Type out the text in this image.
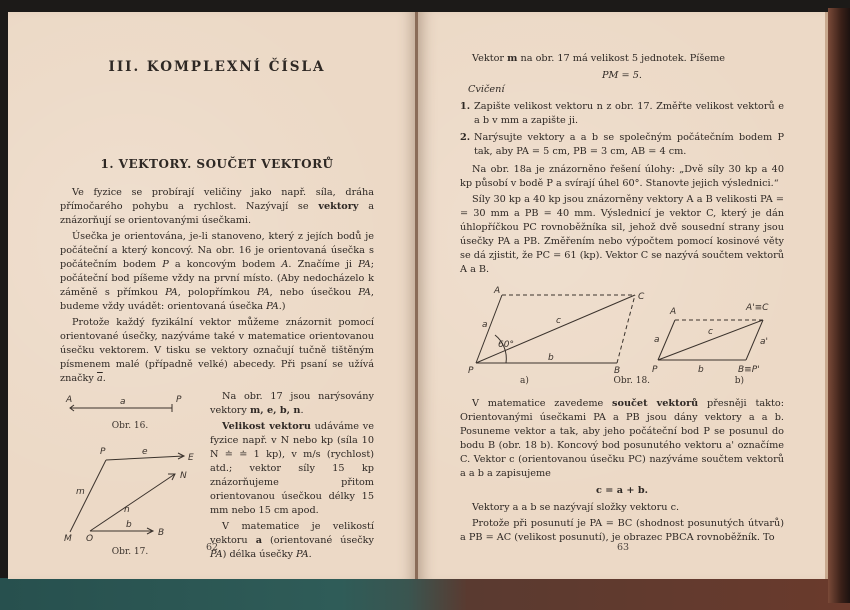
III. KOMPLEXNÍ ČÍSLA
1. VEKTORY. SOUČET VEKTORŮ

Ve fyzice se probírají veličiny jako např. síla, dráha přímočarého pohybu a rychlost. Nazývají se vektory a znázorňují se orientovanými úsečkami.

Úsečka je orientována, je-li stanoveno, který z jejích bodů je počáteční a který koncový. Na obr. 16 je orientovaná úsečka s počátečním bodem P a koncovým bodem A. Značíme ji PA; počáteční bod píšeme vždy na první místo. (Aby nedocházelo k záměně s přímkou PA, polopřímkou PA, nebo úsečkou PA, budeme vždy uvádět: orientovaná úsečka PA.)

Protože každý fyzikální vektor můžeme znázornit pomocí orientované úsečky, nazýváme také v matematice orientovanou úsečku vektorem. V tisku se vektory označují tučně tištěným písmenem malé (případně velké) abecedy. Při psaní se užívá značky $\overline{a}$.

A	a	P
Obr. 16.
P	e
E
N
m
n
b
B
M O
Obr. 17.

Na obr. 17 jsou narýsovány vektory m, e, b, n.

Velikost vektoru udáváme ve fyzice např. v N nebo kp (síla 10 N ≐ ≐ 1 kp), v m/s (rychlost) atd.; vektor síly 15 kp znázorňujeme přitom orientovanou úsečkou délky 15 mm nebo 15 cm apod.

V matematice je velikostí vektoru a (orientované úsečky PA) délka úsečky PA.

62

Vektor m na obr. 17 má velikost 5 jednotek. Píšeme

PM = 5.
Cvičení
1. Zapište velikost vektoru n z obr. 17. Změřte velikost vektorů e a b v mm a zapište ji.
2. Narýsujte vektory a a b se společným počátečním bodem P tak, aby PA = 5 cm, PB = 3 cm, AB = 4 cm.

Na obr. 18a je znázorněno řešení úlohy: „Dvě síly 30 kp a 40 kp působí v bodě P a svírají úhel 60°. Stanovte jejich výslednici.“

Síly 30 kp a 40 kp jsou znázorněny vektory A a B velikosti PA = = 30 mm a PB = 40 mm. Výslednicí je vektor C, který je dán úhlopříčkou PC rovnoběžníka sil, jehož dvě sousední strany jsou úsečky PA a PB. Změřením nebo výpočtem pomocí kosinové věty se dá zjistit, že PC = 61 (kp). Vektor C se nazývá součtem vektorů A a B.

A
C
a	c
60°
b
P	B
A	A'≡C
a
c
a'
P	b	B≡P'
a)	Obr. 18.	b)

V matematice zavedeme součet vektorů přesněji takto: Orientovanými úsečkami PA a PB jsou dány vektory a a b. Posuneme vektor a tak, aby jeho počáteční bod P se posunul do bodu B (obr. 18 b). Koncový bod posunutého vektoru a' označíme C. Vektor c (orientovanou úsečku PC) nazýváme součtem vektorů a a b a zapisujeme

c = a + b.

Vektory a a b se nazývají složky vektoru c.

Protože při posunutí je PA = BC (shodnost posunutých útvarů) a PB = AC (velikost posunutí), je obrazec PBCA rovnoběžník. To

63
